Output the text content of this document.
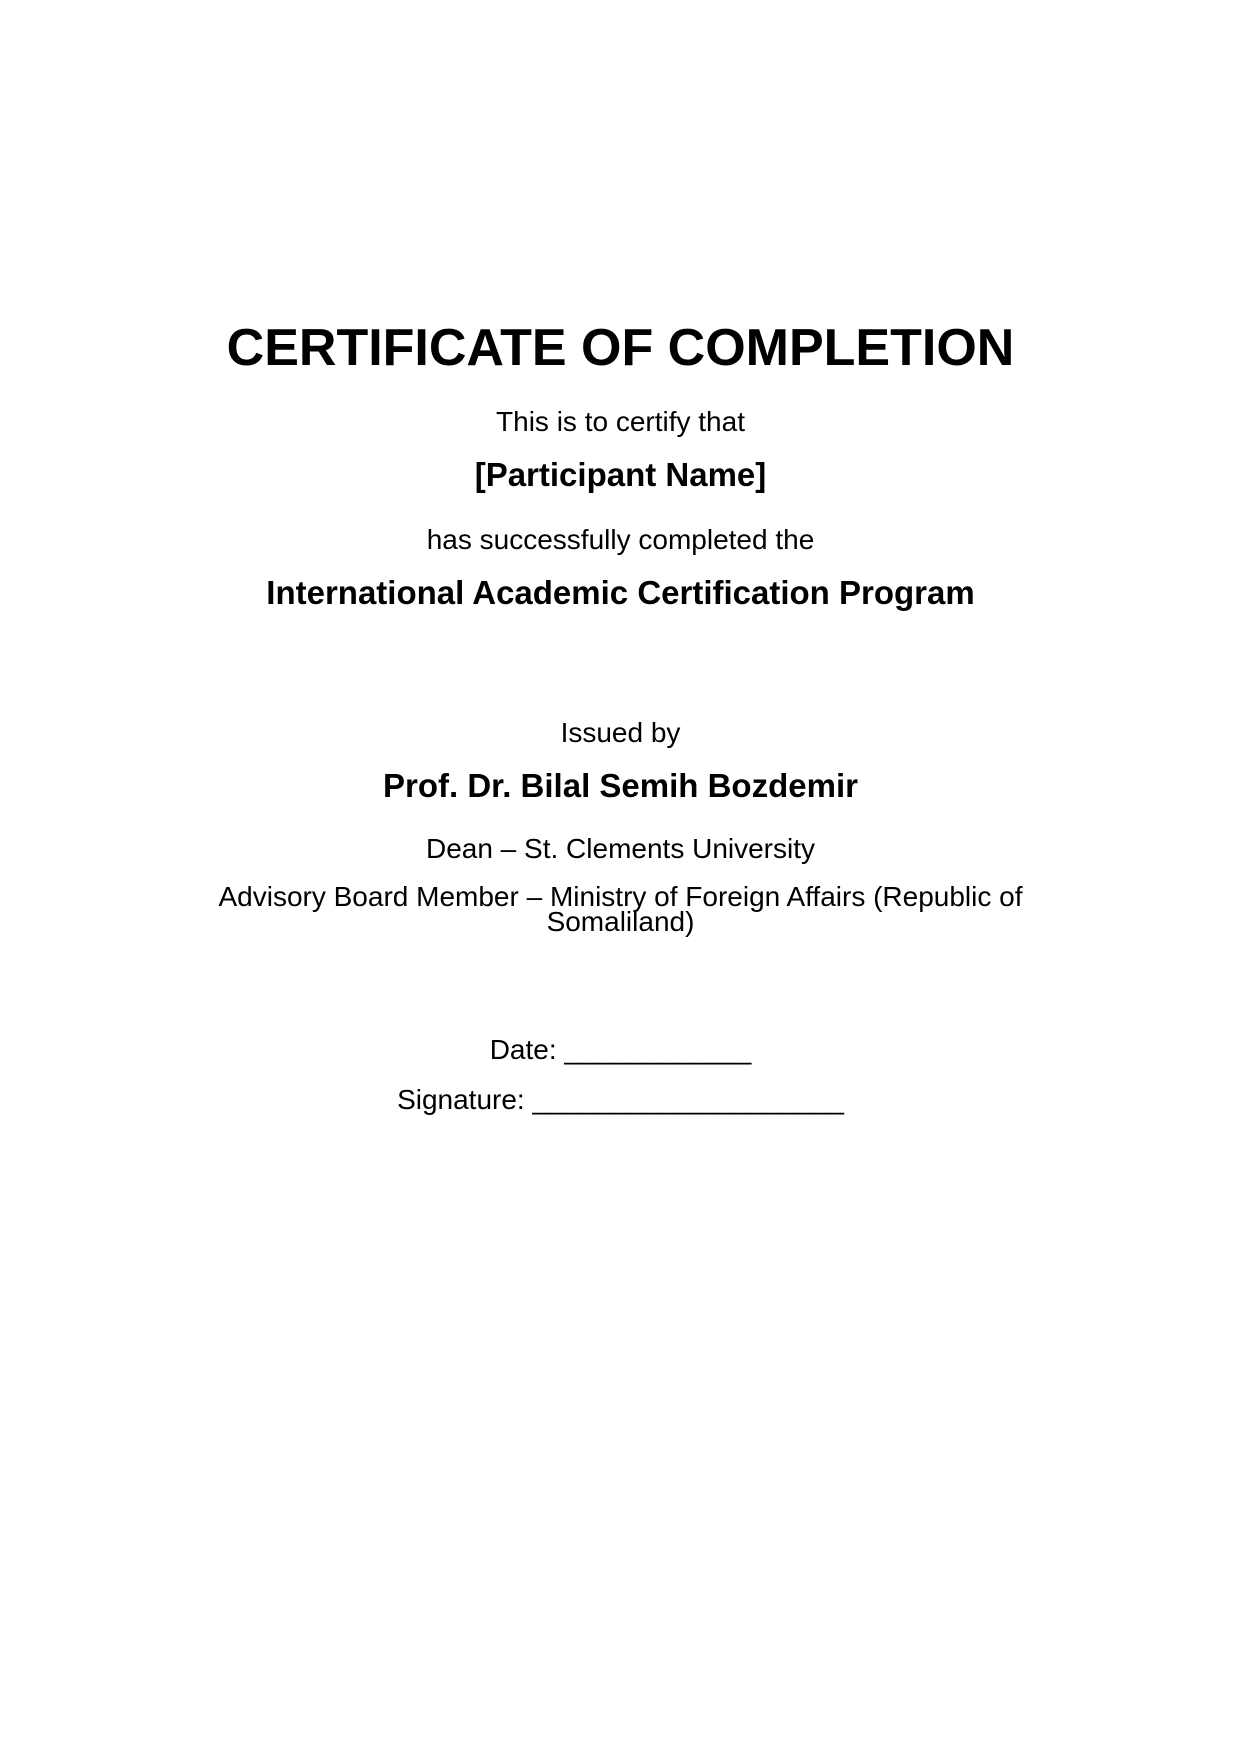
CERTIFICATE OF COMPLETION
This is to certify that
[Participant Name]
has successfully completed the
International Academic Certification Program
Issued by
Prof. Dr. Bilal Semih Bozdemir
Dean – St. Clements University
Advisory Board Member – Ministry of Foreign Affairs (Republic of Somaliland)
Date: ____________
Signature: ____________________
